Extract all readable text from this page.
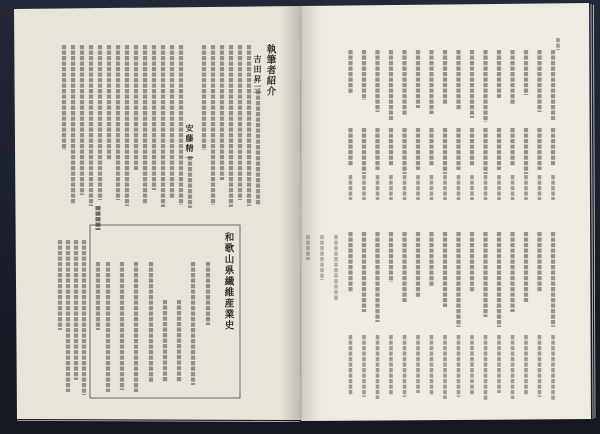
執筆者紹介
吉田昇三
安藤精一
和歌山県繊維産業史
